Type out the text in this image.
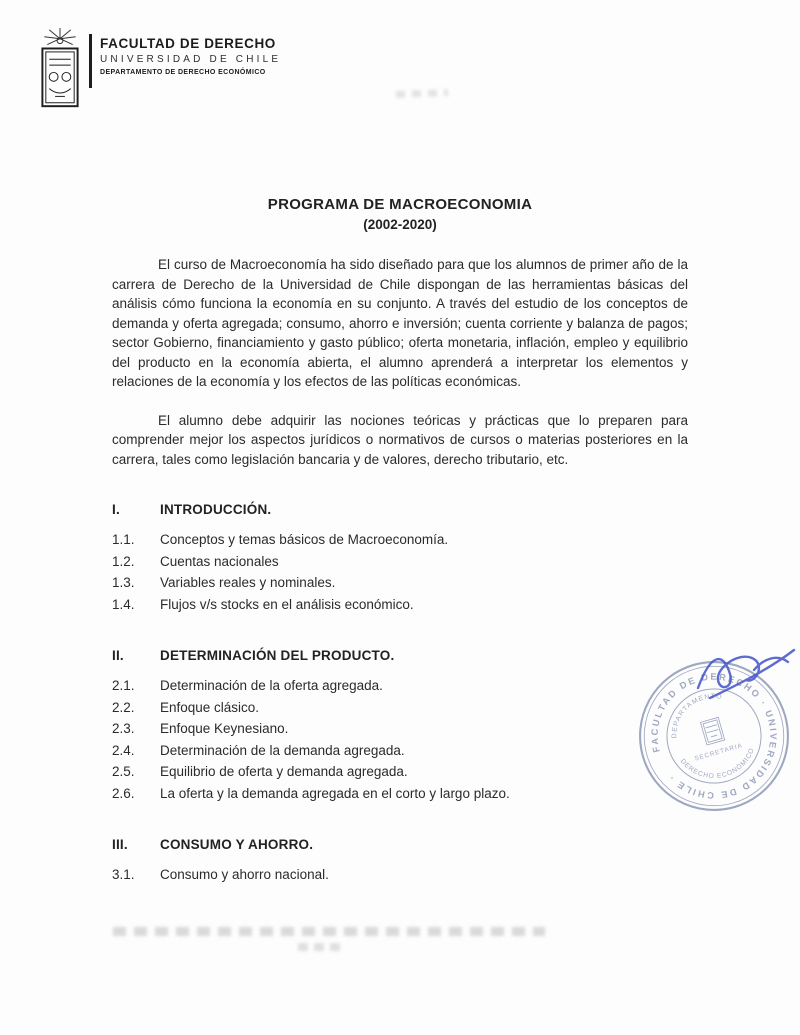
FACULTAD DE DERECHO
UNIVERSIDAD DE CHILE
DEPARTAMENTO DE DERECHO ECONÓMICO
PROGRAMA DE MACROECONOMIA
(2002-2020)

El curso de Macroeconomía ha sido diseñado para que los alumnos de primer año de la carrera de Derecho de la Universidad de Chile dispongan de las herramientas básicas del análisis cómo funciona la economía en su conjunto. A través del estudio de los conceptos de demanda y oferta agregada; consumo, ahorro e inversión; cuenta corriente y balanza de pagos; sector Gobierno, financiamiento y gasto público; oferta monetaria, inflación, empleo y equilibrio del producto en la economía abierta, el alumno aprenderá a interpretar los elementos y relaciones de la economía y los efectos de las políticas económicas.

El alumno debe adquirir las nociones teóricas y prácticas que lo preparen para comprender mejor los aspectos jurídicos o normativos de cursos o materias posteriores en la carrera, tales como legislación bancaria y de valores, derecho tributario, etc.

I.	INTRODUCCIÓN.
1.1.	Conceptos y temas básicos de Macroeconomía.
1.2.	Cuentas nacionales
1.3.	Variables reales y nominales.
1.4.	Flujos v/s stocks en el análisis económico.
II.	DETERMINACIÓN DEL PRODUCTO.
2.1.	Determinación de la oferta agregada.
2.2.	Enfoque clásico.
2.3.	Enfoque Keynesiano.
2.4.	Determinación de la demanda agregada.
2.5.	Equilibrio de oferta y demanda agregada.
2.6.	La oferta y la demanda agregada en el corto y largo plazo.
III.	CONSUMO Y AHORRO.
3.1.	Consumo y ahorro nacional.
FACULTAD DE DERECHO · UNIVERSIDAD DE CHILE ·
DEPARTAMENTO
DERECHO ECONÓMICO
SECRETARIA
